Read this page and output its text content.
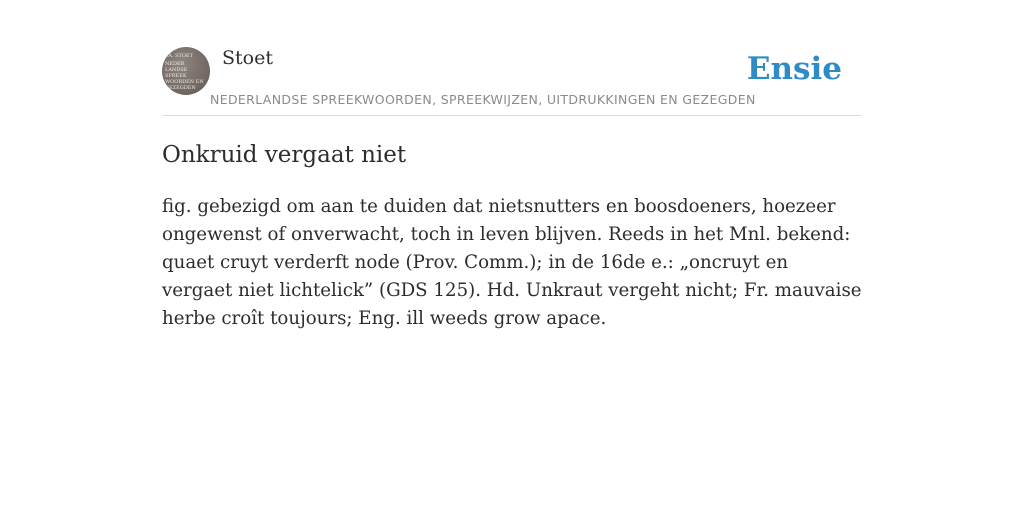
F.A. STOET
NEDER
LANDSE
SPREEK
WOORDEN EN
GEZEGDEN
Stoet	Ensie
NEDERLANDSE SPREEKWOORDEN, SPREEKWIJZEN, UITDRUKKINGEN EN GEZEGDEN
Onkruid vergaat niet

fig. gebezigd om aan te duiden dat nietsnutters en boosdoeners, hoezeer ongewenst of onverwacht, toch in leven blijven. Reeds in het Mnl. bekend: quaet cruyt verderft node (Prov. Comm.); in de 16de e.: „oncruyt en vergaet niet lichtelick” (GDS 125). Hd. Unkraut vergeht nicht; Fr. mauvaise herbe croît toujours; Eng. ill weeds grow apace.
